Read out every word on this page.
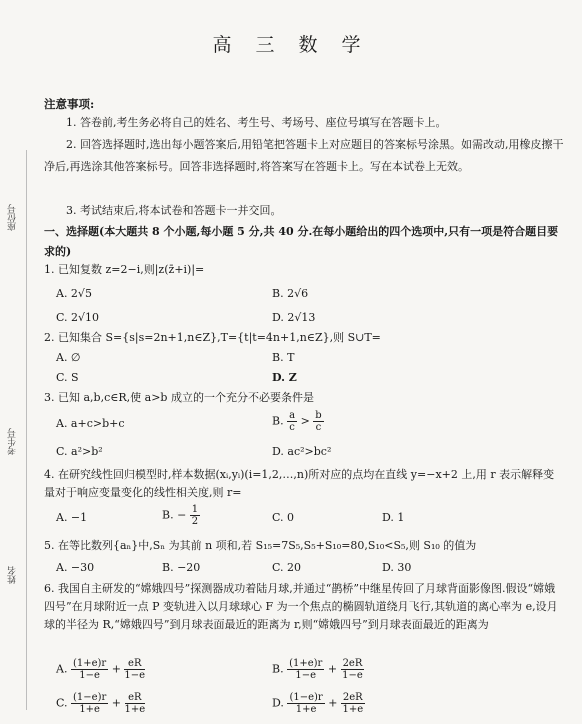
高 三 数 学
座位号
考生号
姓名
注意事项:
1. 答卷前,考生务必将自己的姓名、考生号、考场号、座位号填写在答题卡上。
2. 回答选择题时,选出每小题答案后,用铅笔把答题卡上对应题目的答案标号涂黑。如需改动,用橡皮擦干净后,再选涂其他答案标号。回答非选择题时,将答案写在答题卡上。写在本试卷上无效。
3. 考试结束后,将本试卷和答题卡一并交回。
一、选择题(本大题共 8 个小题,每小题 5 分,共 40 分.在每小题给出的四个选项中,只有一项是符合题目要求的)
1. 已知复数 z=2−i,则|z(z̄+i)|=
A. 2√5	B. 2√6
C. 2√10	D. 2√13
2. 已知集合 S={s|s=2n+1,n∈Z},T={t|t=4n+1,n∈Z},则 S∪T=
A. ∅	B. T
C. S	D. Z
3. 已知 a,b,c∈R,使 a>b 成立的一个充分不必要条件是
A. a+c>b+c	B. $\frac{a}{c} > \frac{b}{c}$
C. a²>b²	D. ac²>bc²
4. 在研究线性回归模型时,样本数据(xᵢ,yᵢ)(i=1,2,…,n)所对应的点均在直线 y=−x+2 上,用 r 表示解释变量对于响应变量变化的线性相关度,则 r=
A. −1	B. − $\frac{1}{2}$	C. 0	D. 1
5. 在等比数列{aₙ}中,Sₙ 为其前 n 项和,若 S₁₅=7S₅,S₅+S₁₀=80,S₁₀<S₅,则 S₁₀ 的值为
A. −30	B. −20	C. 20	D. 30
6. 我国自主研发的“嫦娥四号”探测器成功着陆月球,并通过“鹊桥”中继星传回了月球背面影像图.假设“嫦娥四号”在月球附近一点 P 变轨进入以月球球心 F 为一个焦点的椭圆轨道绕月飞行,其轨道的离心率为 e,设月球的半径为 R,“嫦娥四号”到月球表面最近的距离为 r,则“嫦娥四号”到月球表面最近的距离为
A. $\frac{(1+e)r}{1-e} + \frac{eR}{1-e}$	B. $\frac{(1+e)r}{1-e} + \frac{2eR}{1-e}$
C. $\frac{(1-e)r}{1+e} + \frac{eR}{1+e}$	D. $\frac{(1-e)r}{1+e} + \frac{2eR}{1+e}$
